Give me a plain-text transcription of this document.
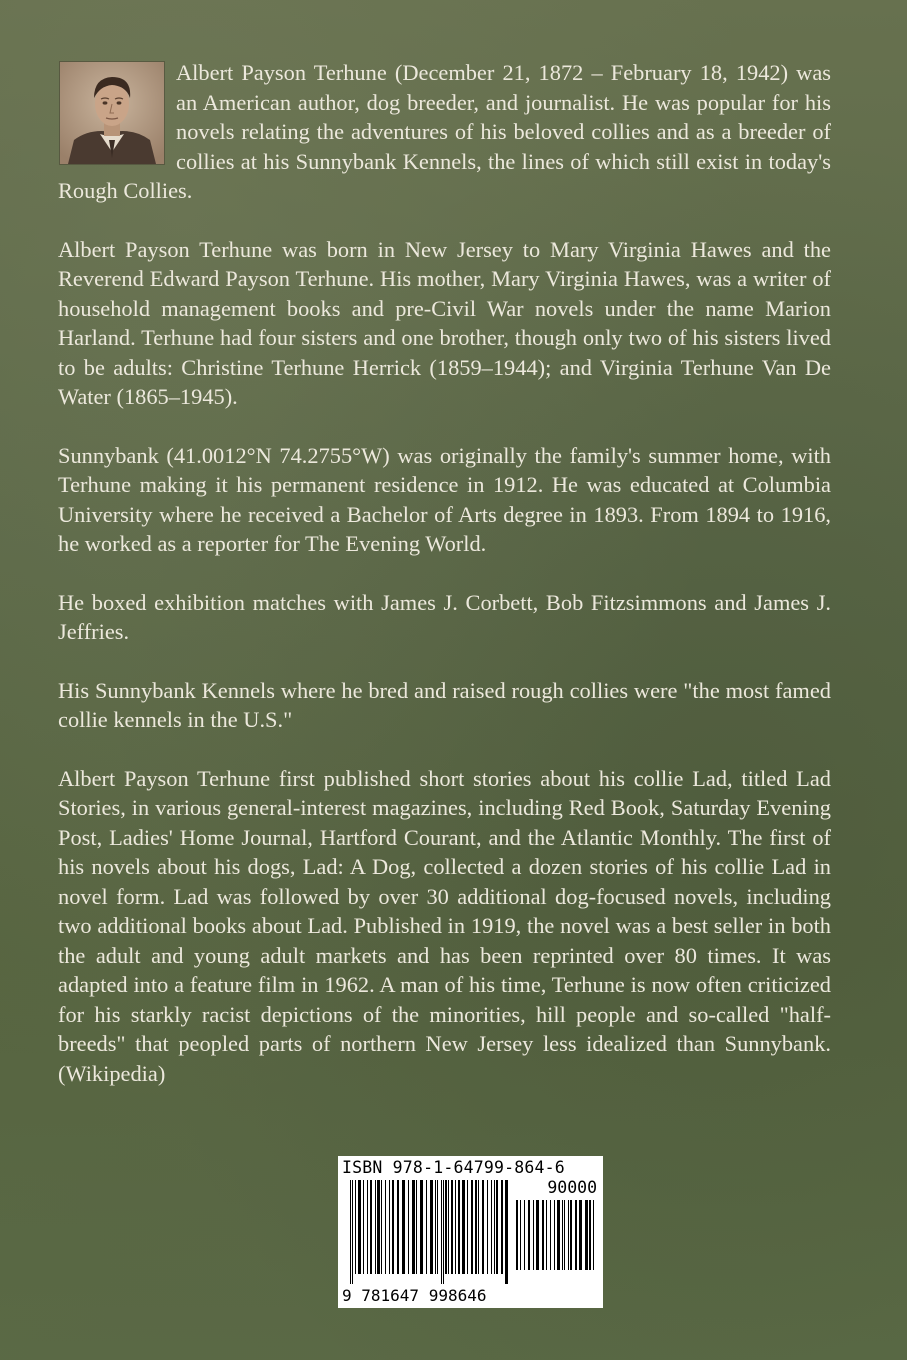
Albert Payson Terhune (December 21, 1872 – February 18, 1942) was an American author, dog breeder, and journalist. He was popular for his novels relating the adventures of his beloved collies and as a breeder of collies at his Sunnybank Kennels, the lines of which still exist in today's Rough Collies.

Albert Payson Terhune was born in New Jersey to Mary Virginia Hawes and the Reverend Edward Payson Terhune. His mother, Mary Virginia Hawes, was a writer of household management books and pre-Civil War novels under the name Marion Harland. Terhune had four sisters and one brother, though only two of his sisters lived to be adults: Christine Terhune Herrick (1859–1944); and Virginia Terhune Van De Water (1865–1945).

Sunnybank (41.0012°N 74.2755°W) was originally the family's summer home, with Terhune making it his permanent residence in 1912. He was educated at Columbia University where he received a Bachelor of Arts degree in 1893. From 1894 to 1916, he worked as a reporter for The Evening World.

He boxed exhibition matches with James J. Corbett, Bob Fitzsimmons and James J. Jeffries.

His Sunnybank Kennels where he bred and raised rough collies were "the most famed collie kennels in the U.S."

Albert Payson Terhune first published short stories about his collie Lad, titled Lad Stories, in various general-interest magazines, including Red Book, Saturday Evening Post, Ladies' Home Journal, Hartford Courant, and the Atlantic Monthly. The first of his novels about his dogs, Lad: A Dog, collected a dozen stories of his collie Lad in novel form. Lad was followed by over 30 additional dog-focused novels, including two additional books about Lad. Published in 1919, the novel was a best seller in both the adult and young adult markets and has been reprinted over 80 times. It was adapted into a feature film in 1962. A man of his time, Terhune is now often criticized for his starkly racist depictions of the minorities, hill people and so-called "half-breeds" that peopled parts of northern New Jersey less idealized than Sunnybank.(Wikipedia)

ISBN 978-1-64799-864-6
90000
9 781647 998646
